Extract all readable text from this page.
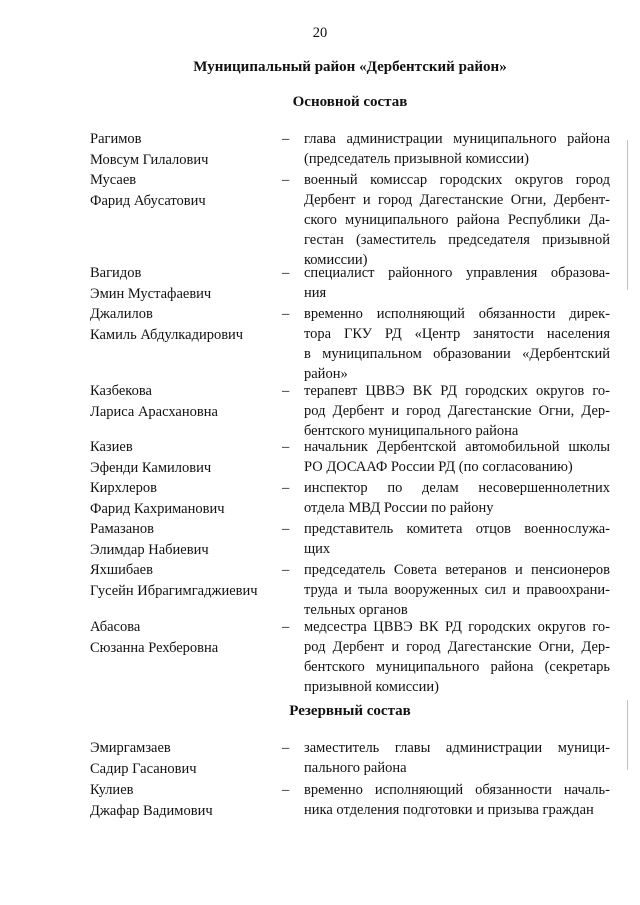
20
Муниципальный район «Дербентский район»
Основной состав
Резервный состав
Рагимов
Мовсум Гилалович
– глава администрации муниципального района
(председатель призывной комиссии)
Мусаев
Фарид Абусатович
– военный комиссар городских округов город
Дербент и город Дагестанские Огни, Дербент-
ского муниципального района Республики Да-
гестан (заместитель председателя призывной
комиссии)
Вагидов
Эмин Мустафаевич
– специалист районного управления образова-
ния
Джалилов
Камиль Абдулкадирович
– временно исполняющий обязанности дирек-
тора ГКУ РД «Центр занятости населения
в муниципальном образовании «Дербентский
район»
Казбекова
Лариса Арасхановна
– терапевт ЦВВЭ ВК РД городских округов го-
род Дербент и город Дагестанские Огни, Дер-
бентского муниципального района
Казиев
Эфенди Камилович
– начальник Дербентской автомобильной школы
РО ДОСААФ России РД (по согласованию)
Кирхлеров
Фарид Кахриманович
– инспектор по делам несовершеннолетних
отдела МВД России по району
Рамазанов
Элимдар Набиевич
– представитель комитета отцов военнослужа-
щих
Яхшибаев
Гусейн Ибрагимгаджиевич
– председатель Совета ветеранов и пенсионеров
труда и тыла вооруженных сил и правоохрани-
тельных органов
Абасова
Сюзанна Рехберовна
– медсестра ЦВВЭ ВК РД городских округов го-
род Дербент и город Дагестанские Огни, Дер-
бентского муниципального района (секретарь
призывной комиссии)
Эмиргамзаев
Садир Гасанович
– заместитель главы администрации муници-
пального района
Кулиев
Джафар Вадимович
– временно исполняющий обязанности началь-
ника отделения подготовки и призыва граждан
